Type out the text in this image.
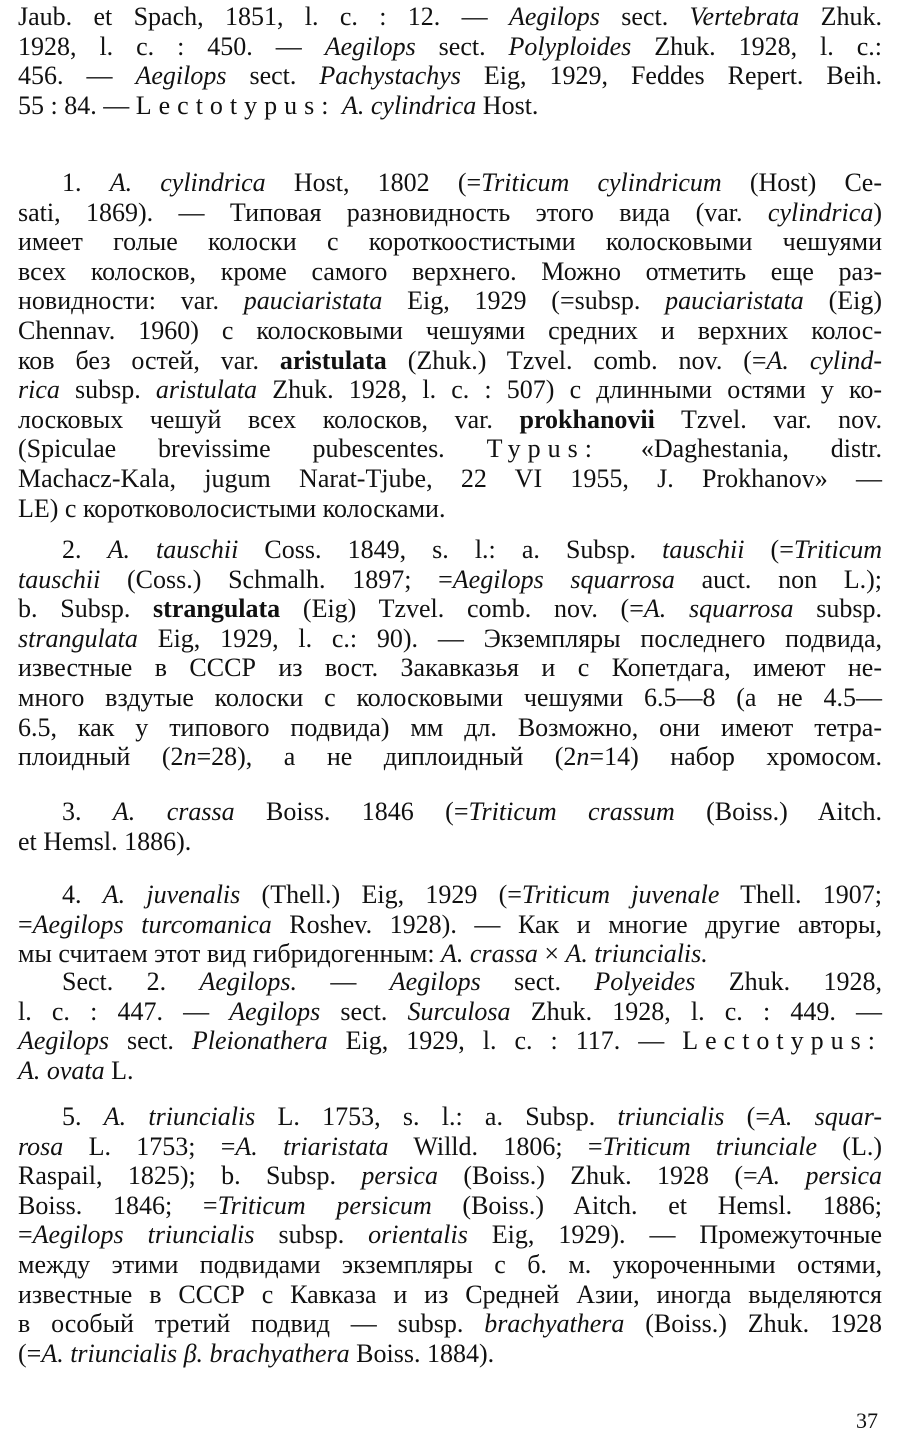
Jaub. et Spach, 1851, l. c. : 12. — Aegilops sect. Vertebrata Zhuk.
1928, l. c. : 450. — Aegilops sect. Polyploides Zhuk. 1928, l. c.:
456. — Aegilops sect. Pachystachys Eig, 1929, Feddes Repert. Beih.
55 : 84. — Lectotypus: A. cylindrica Host.
1. A. cylindrica Host, 1802 (=Triticum cylindricum (Host) Ce-
sati, 1869). — Типовая разновидность этого вида (var. cylindrica)
имеет голые колоски с короткоостистыми колосковыми чешуями
всех колосков, кроме самого верхнего. Можно отметить еще раз-
новидности: var. pauciaristata Eig, 1929 (=subsp. pauciaristata (Eig)
Chennav. 1960) с колосковыми чешуями средних и верхних колос-
ков без остей, var. aristulata (Zhuk.) Tzvel. comb. nov. (=A. cylind-
rica subsp. aristulata Zhuk. 1928, l. c. : 507) с длинными остями у ко-
лосковых чешуй всех колосков, var. prokhanovii Tzvel. var. nov.
(Spiculae brevissime pubescentes. Typus: «Daghestania, distr.
Machacz-Kala, jugum Narat-Tjube, 22 VI 1955, J. Prokhanov» —
LE) с коротковолосистыми колосками.
2. A. tauschii Coss. 1849, s. l.: a. Subsp. tauschii (=Triticum
tauschii (Coss.) Schmalh. 1897; =Aegilops squarrosa auct. non L.);
b. Subsp. strangulata (Eig) Tzvel. comb. nov. (=A. squarrosa subsp.
strangulata Eig, 1929, l. c.: 90). — Экземпляры последнего подвида,
известные в СССР из вост. Закавказья и с Копетдага, имеют не-
много вздутые колоски с колосковыми чешуями 6.5—8 (а не 4.5—
6.5, как у типового подвида) мм дл. Возможно, они имеют тетра-
плоидный (2n=28), а не диплоидный (2n=14) набор хромосом.
3. A. crassa Boiss. 1846 (=Triticum crassum (Boiss.) Aitch.
et Hemsl. 1886).
4. A. juvenalis (Thell.) Eig, 1929 (=Triticum juvenale Thell. 1907;
=Aegilops turcomanica Roshev. 1928). — Как и многие другие авторы,
мы считаем этот вид гибридогенным: A. crassa × A. triuncialis.
Sect. 2. Aegilops. — Aegilops sect. Polyeides Zhuk. 1928,
l. c. : 447. — Aegilops sect. Surculosa Zhuk. 1928, l. c. : 449. —
Aegilops sect. Pleionathera Eig, 1929, l. c. : 117. — Lectotypus:
A. ovata L.
5. A. triuncialis L. 1753, s. l.: a. Subsp. triuncialis (=A. squar-
rosa L. 1753; =A. triaristata Willd. 1806; =Triticum triunciale (L.)
Raspail, 1825); b. Subsp. persica (Boiss.) Zhuk. 1928 (=A. persica
Boiss. 1846; =Triticum persicum (Boiss.) Aitch. et Hemsl. 1886;
=Aegilops triuncialis subsp. orientalis Eig, 1929). — Промежуточные
между этими подвидами экземпляры с б. м. укороченными остями,
известные в СССР с Кавказа и из Средней Азии, иногда выделяются
в особый третий подвид — subsp. brachyathera (Boiss.) Zhuk. 1928
(=A. triuncialis β. brachyathera Boiss. 1884).
37
